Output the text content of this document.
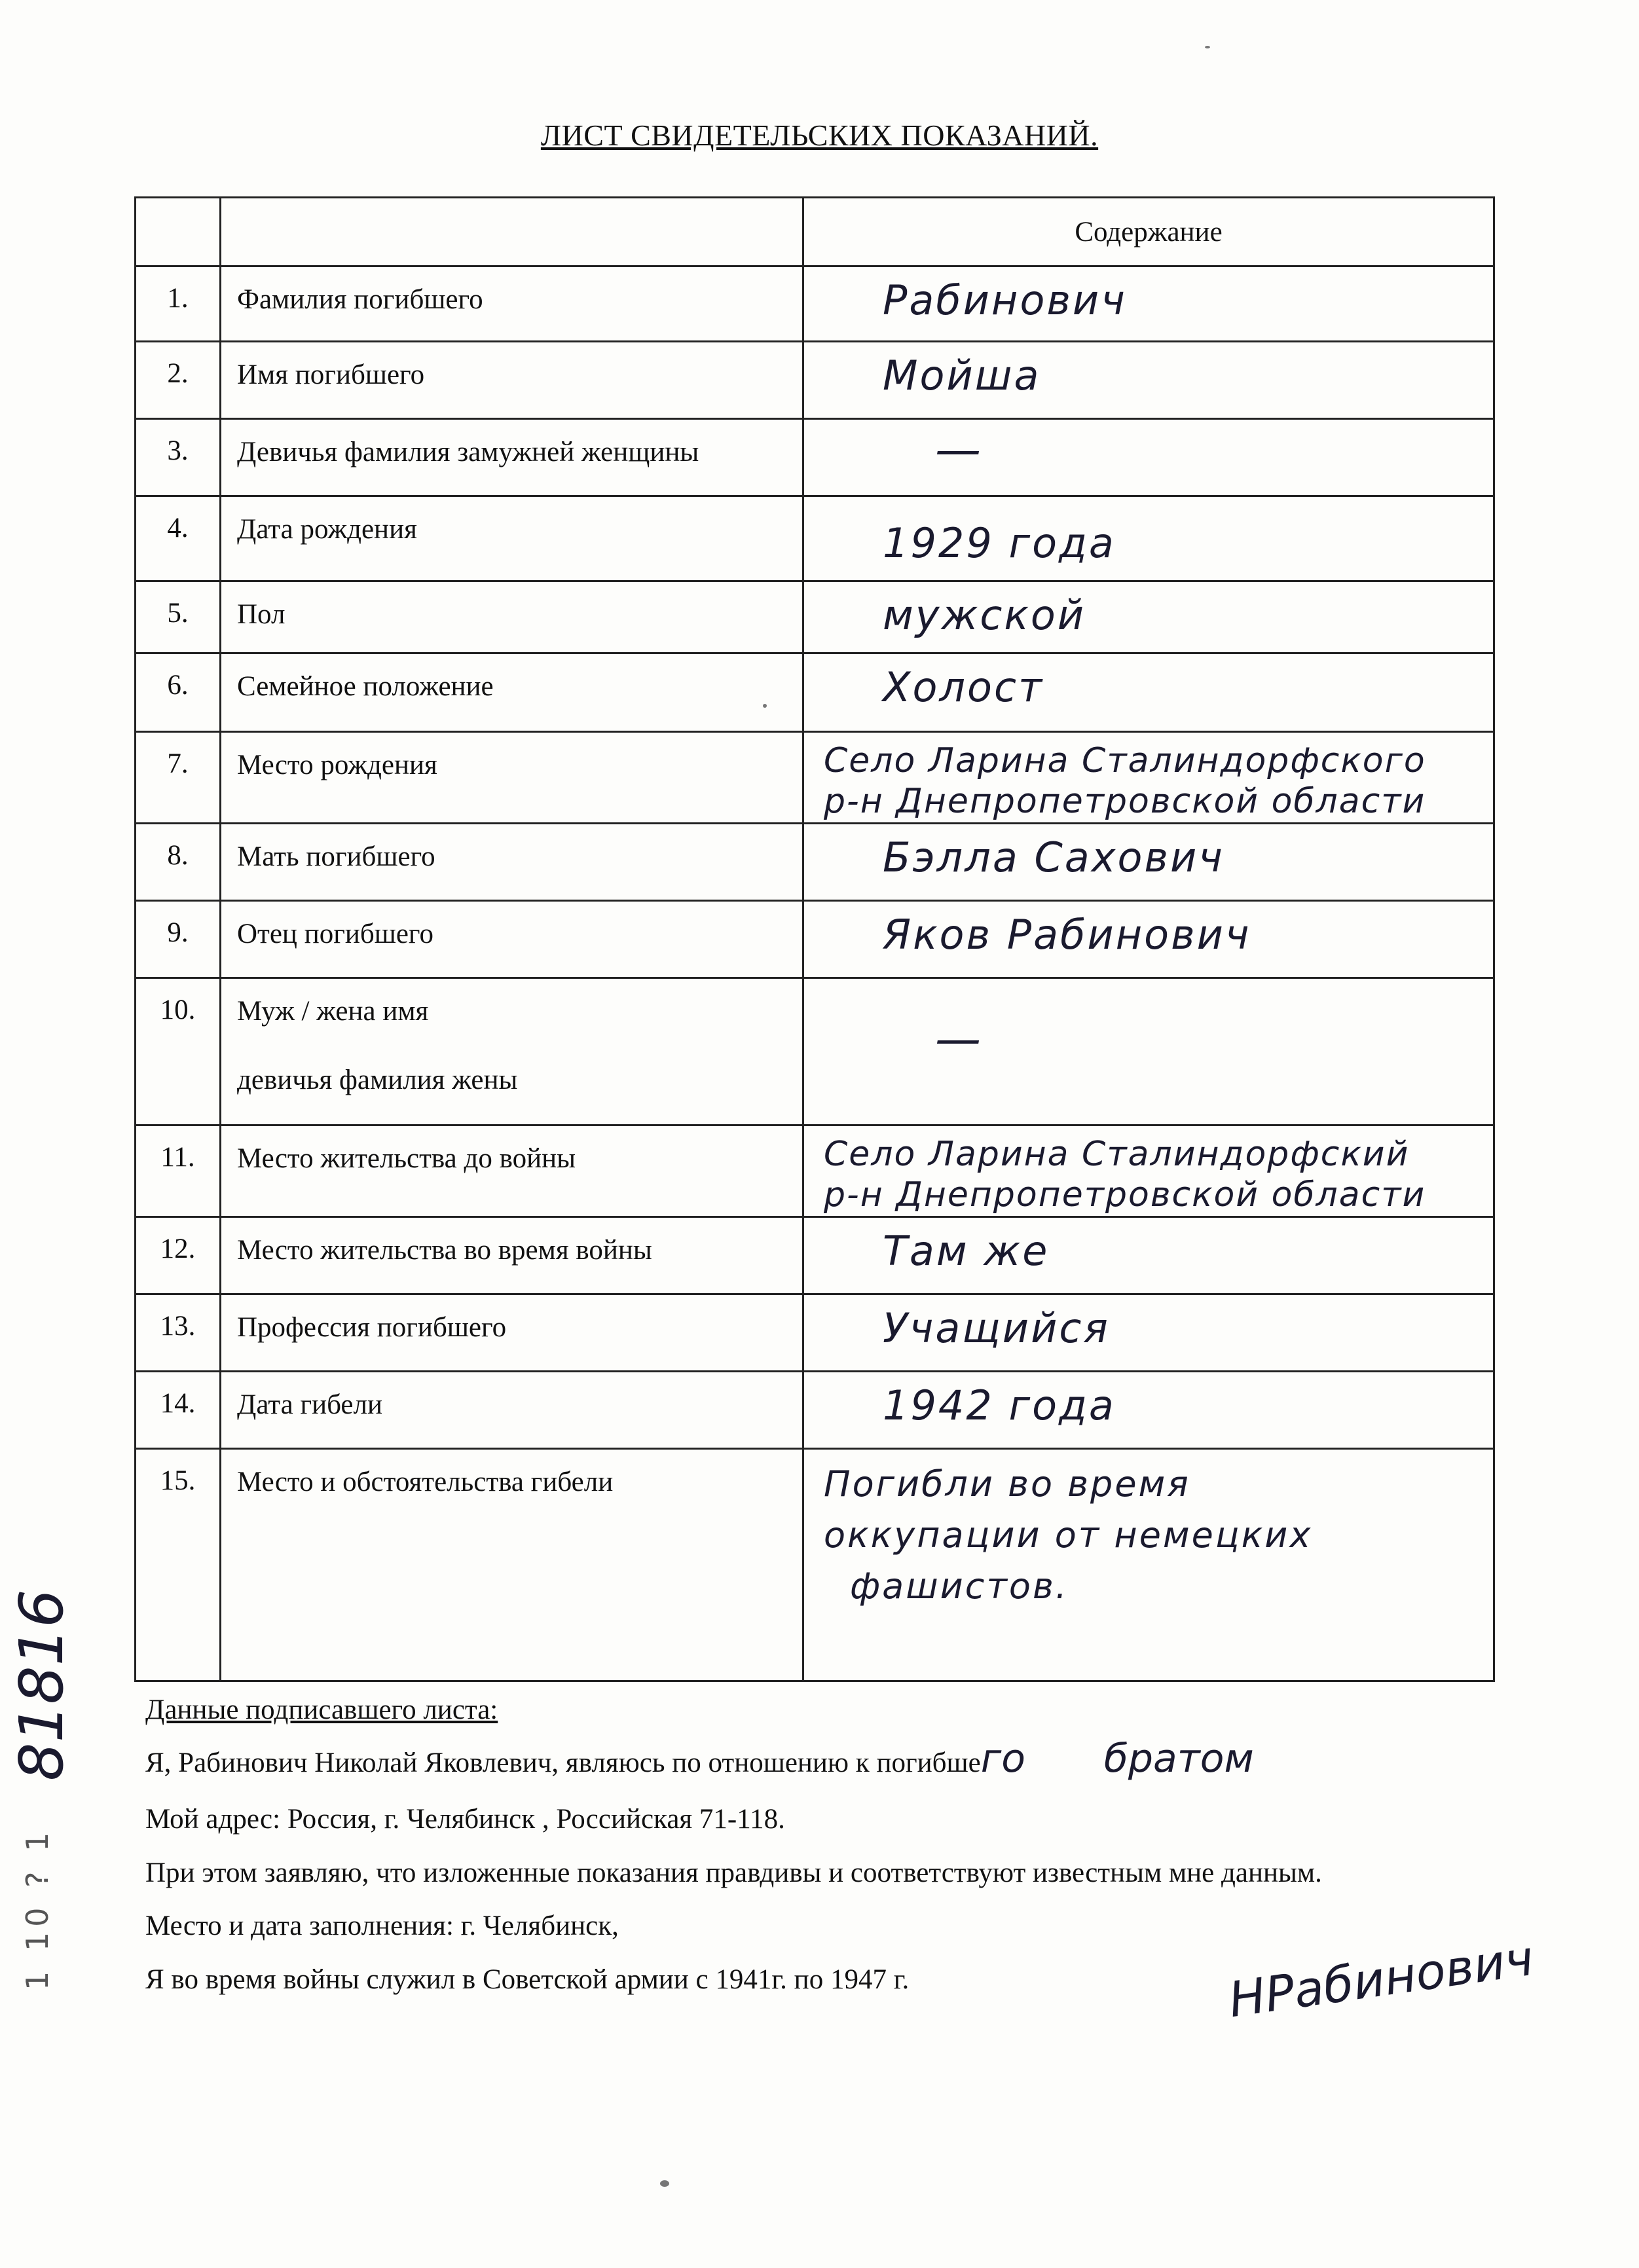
ЛИСТ СВИДЕТЕЛЬСКИХ ПОКАЗАНИЙ.
		Содержание
1.	Фамилия погибшего	Рабинович

2.	Имя погибшего	Мойша

3.	Девичья фамилия замужней женщины	—

4.	Дата рождения	1929 года

5.	Пол	мужской

6.	Семейное положение	Холост

7.	Место рождения	Село Ларина Сталиндорфского
р-н Днепропетровской области

8.	Мать погибшего	Бэлла Сахович

9.	Отец погибшего	Яков Рабинович

10.	Муж / жена имя
девичья фамилия жены	—

11.	Место жительства до войны	Село Ларина Сталиндорфский
р-н Днепропетровской области

12.	Место жительства во время войны	Там же

13.	Профессия погибшего	Учащийся

14.	Дата гибели	1942 года

15.	Место и обстоятельства гибели	Погибли во время
оккупации от немецких
фашистов.

Данные подписавшего листа:

Я, Рабинович Николай Яковлевич, являюсь по отношению к погибшего братом

Мой адрес: Россия, г. Челябинск , Российская 71-118.

При этом заявляю, что изложенные показания правдивы и соответствуют известным мне данным.

Место и дата заполнения: г. Челябинск,

Я во время войны служил в Советской армии с 1941г. по 1947 г.	НРабинович
81816
1 10 ? 1
